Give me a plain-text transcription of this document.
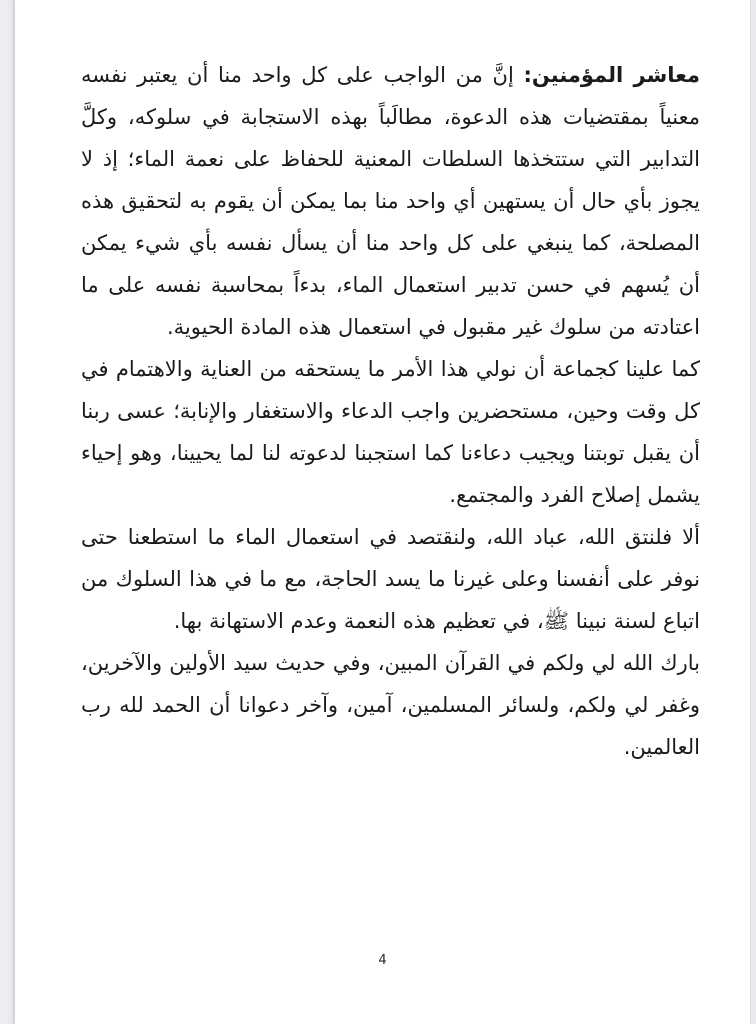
معاشر المؤمنين: إنَّ من الواجب على كل واحد منا أن يعتبر نفسه معنياً بمقتضيات هذه الدعوة، مطالَباً بهذه الاستجابة في سلوكه، وكلَّ التدابير التي ستتخذها السلطات المعنية للحفاظ على نعمة الماء؛ إذ لا يجوز بأي حال أن يستهين أي واحد منا بما يمكن أن يقوم به لتحقيق هذه المصلحة، كما ينبغي على كل واحد منا أن يسأل نفسه بأي شيء يمكن أن يُسهم في حسن تدبير استعمال الماء، بدءاً بمحاسبة نفسه على ما اعتادته من سلوك غير مقبول في استعمال هذه المادة الحيوية.

كما علينا كجماعة أن نولي هذا الأمر ما يستحقه من العناية والاهتمام في كل وقت وحين، مستحضرين واجب الدعاء والاستغفار والإنابة؛ عسى ربنا أن يقبل توبتنا ويجيب دعاءنا كما استجبنا لدعوته لنا لما يحيينا، وهو إحياء يشمل إصلاح الفرد والمجتمع.

ألا فلنتق الله، عباد الله، ولنقتصد في استعمال الماء ما استطعنا حتى نوفر على أنفسنا وعلى غيرنا ما يسد الحاجة، مع ما في هذا السلوك من اتباع لسنة نبينا ﷺ، في تعظيم هذه النعمة وعدم الاستهانة بها.

بارك الله لي ولكم في القرآن المبين، وفي حديث سيد الأولين والآخرين، وغفر لي ولكم، ولسائر المسلمين، آمين، وآخر دعوانا أن الحمد لله رب العالمين.

4
